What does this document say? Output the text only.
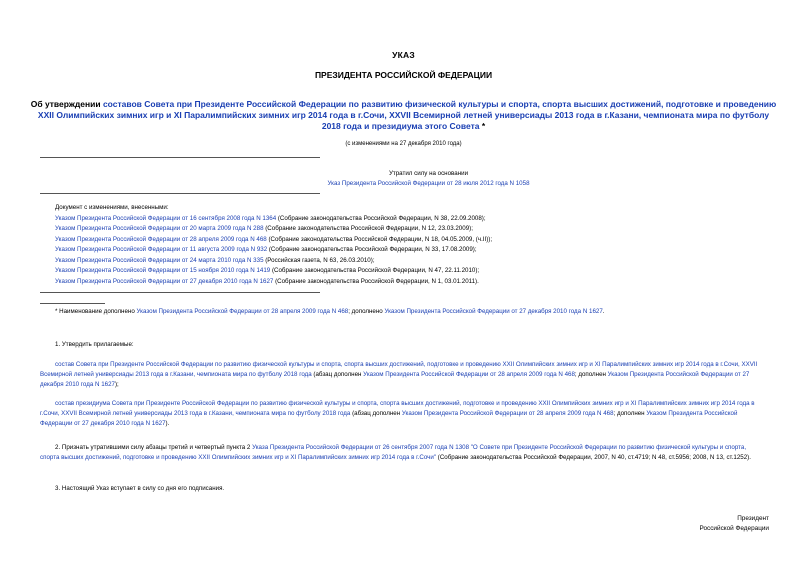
УКАЗ
ПРЕЗИДЕНТА РОССИЙСКОЙ ФЕДЕРАЦИИ
Об утверждении составов Совета при Президенте Российской Федерации по развитию физической культуры и спорта, спорта высших достижений, подготовке и проведению XXII Олимпийских зимних игр и XI Паралимпийских зимних игр 2014 года в г.Сочи, XXVII Всемирной летней универсиады 2013 года в г.Казани, чемпионата мира по футболу 2018 года и президиума этого Совета *
(с изменениями на 27 декабря 2010 года)
Утратил силу на основании
Указ Президента Российской Федерации от 28 июля 2012 года N 1058
Документ с изменениями, внесенными:
Указом Президента Российской Федерации от 16 сентября 2008 года N 1364 (Собрание законодательства Российской Федерации, N 38, 22.09.2008);
Указом Президента Российской Федерации от 20 марта 2009 года N 288 (Собрание законодательства Российской Федерации, N 12, 23.03.2009);
Указом Президента Российской Федерации от 28 апреля 2009 года N 468 (Собрание законодательства Российской Федерации, N 18, 04.05.2009, (ч.II));
Указом Президента Российской Федерации от 11 августа 2009 года N 932 (Собрание законодательства Российской Федерации, N 33, 17.08.2009);
Указом Президента Российской Федерации от 24 марта 2010 года N 335 (Российская газета, N 63, 26.03.2010);
Указом Президента Российской Федерации от 15 ноября 2010 года N 1419 (Собрание законодательства Российской Федерации, N 47, 22.11.2010);
Указом Президента Российской Федерации от 27 декабря 2010 года N 1627 (Собрание законодательства Российской Федерации, N 1, 03.01.2011).
* Наименование дополнено Указом Президента Российской Федерации от 28 апреля 2009 года N 468; дополнено Указом Президента Российской Федерации от 27 декабря 2010 года N 1627.
1. Утвердить прилагаемые:
состав Совета при Президенте Российской Федерации по развитию физической культуры и спорта, спорта высших достижений, подготовке и проведению XXII Олимпийских зимних игр и XI Паралимпийских зимних игр 2014 года в г.Сочи, XXVII Всемирной летней универсиады 2013 года в г.Казани, чемпионата мира по футболу 2018 года (абзац дополнен Указом Президента Российской Федерации от 28 апреля 2009 года N 468; дополнен Указом Президента Российской Федерации от 27 декабря 2010 года N 1627);
состав президиума Совета при Президенте Российской Федерации по развитию физической культуры и спорта, спорта высших достижений, подготовке и проведению XXII Олимпийских зимних игр и XI Паралимпийских зимних игр 2014 года в г.Сочи, XXVII Всемирной летней универсиады 2013 года в г.Казани, чемпионата мира по футболу 2018 года (абзац дополнен Указом Президента Российской Федерации от 28 апреля 2009 года N 468; дополнен Указом Президента Российской Федерации от 27 декабря 2010 года N 1627).
2. Признать утратившими силу абзацы третий и четвертый пункта 2 Указа Президента Российской Федерации от 26 сентября 2007 года N 1308 "О Совете при Президенте Российской Федерации по развитию физической культуры и спорта, спорта высших достижений, подготовке и проведению XXII Олимпийских зимних игр и XI Паралимпийских зимних игр 2014 года в г.Сочи" (Собрание законодательства Российской Федерации, 2007, N 40, ст.4719; N 48, ст.5956; 2008, N 13, ст.1252).
3. Настоящий Указ вступает в силу со дня его подписания.
Президент
Российской Федерации
